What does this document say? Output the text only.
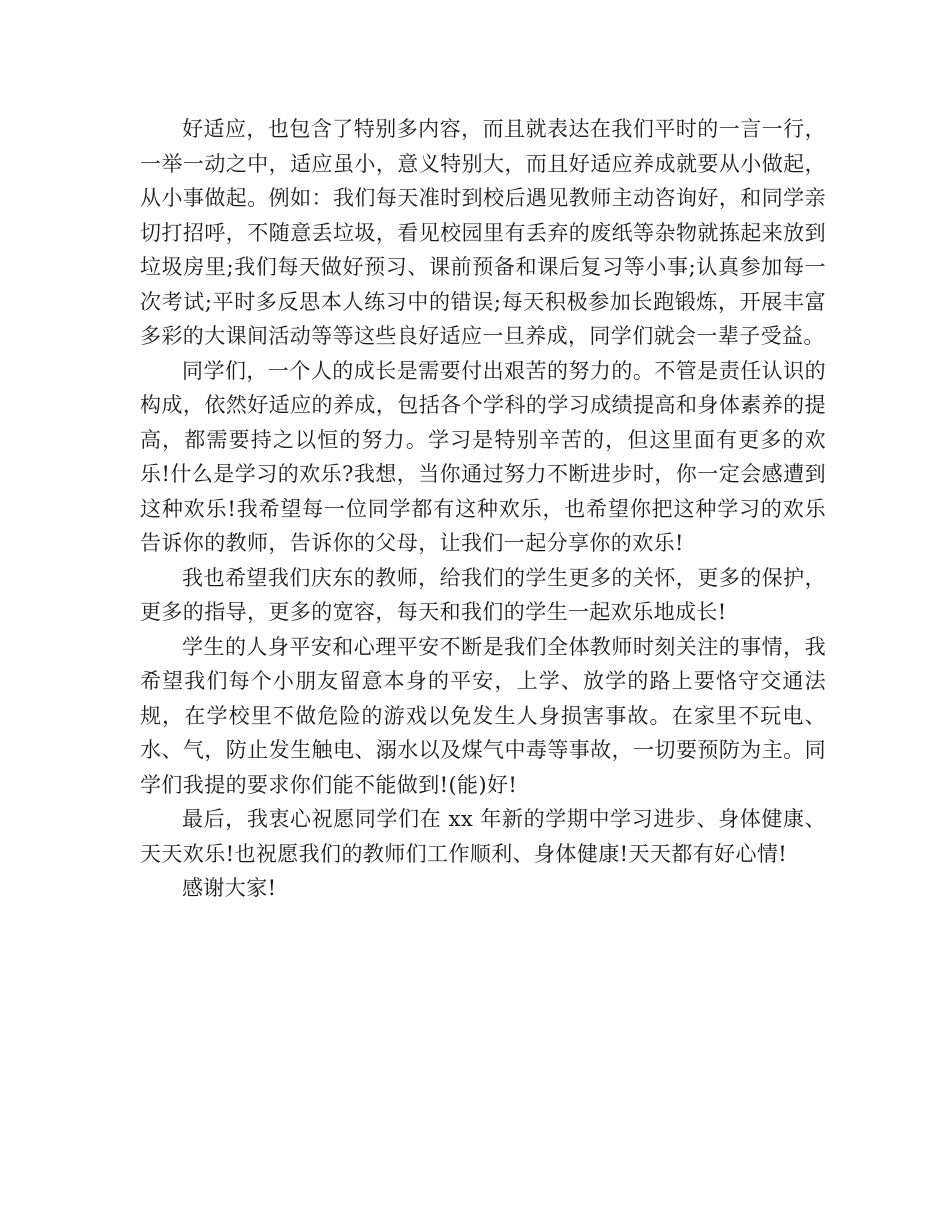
好适应，也包含了特别多内容，而且就表达在我们平时的一言一行，一举一动之中，适应虽小，意义特别大，而且好适应养成就要从小做起，从小事做起。例如：我们每天准时到校后遇见教师主动咨询好，和同学亲切打招呼，不随意丢垃圾，看见校园里有丢弃的废纸等杂物就拣起来放到垃圾房里;我们每天做好预习、课前预备和课后复习等小事;认真参加每一次考试;平时多反思本人练习中的错误;每天积极参加长跑锻炼，开展丰富多彩的大课间活动等等这些良好适应一旦养成，同学们就会一辈子受益。

同学们，一个人的成长是需要付出艰苦的努力的。不管是责任认识的构成，依然好适应的养成，包括各个学科的学习成绩提高和身体素养的提高，都需要持之以恒的努力。学习是特别辛苦的，但这里面有更多的欢乐!什么是学习的欢乐?我想，当你通过努力不断进步时，你一定会感遭到这种欢乐!我希望每一位同学都有这种欢乐，也希望你把这种学习的欢乐告诉你的教师，告诉你的父母，让我们一起分享你的欢乐!

我也希望我们庆东的教师，给我们的学生更多的关怀，更多的保护，更多的指导，更多的宽容，每天和我们的学生一起欢乐地成长!

学生的人身平安和心理平安不断是我们全体教师时刻关注的事情，我希望我们每个小朋友留意本身的平安，上学、放学的路上要恪守交通法规，在学校里不做危险的游戏以免发生人身损害事故。在家里不玩电、水、气，防止发生触电、溺水以及煤气中毒等事故，一切要预防为主。同学们我提的要求你们能不能做到!(能)好!

最后，我衷心祝愿同学们在 xx 年新的学期中学习进步、身体健康、天天欢乐!也祝愿我们的教师们工作顺利、身体健康!天天都有好心情!

感谢大家!
